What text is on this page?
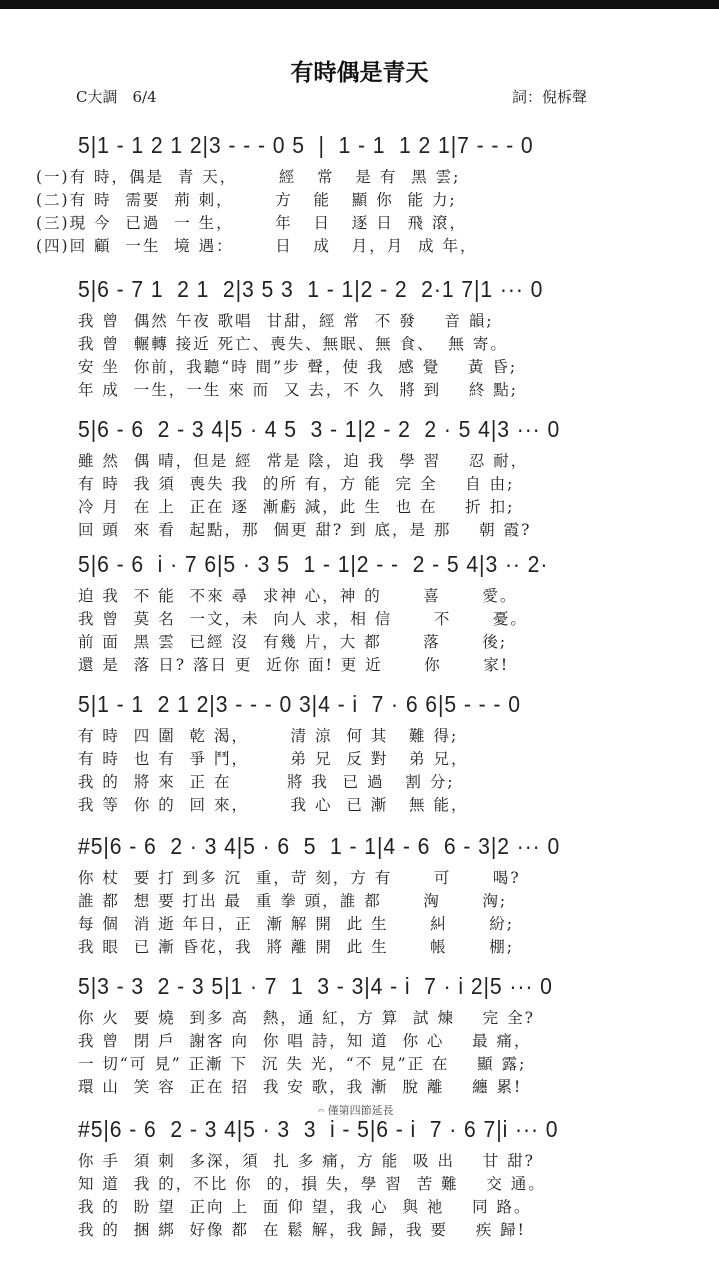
有時偶是青天
C大調　6/4	詞：倪柝聲
5|1 - 1 2 1 2|3 - - - 0 5  |  1 - 1  1 2 1|7 - - - 0
(一)有 時，偶是  青 天，      經   常   是 有  黑 雲;
(二)有 時  需要  荊 刺，      方   能   顯 你  能 力;
(三)現 今  已過  一 生，      年   日   逐 日  飛 滾，
(四)回 顧  一生  境 遇：      日   成   月，月  成 年，
5|6 - 7 1  2 1  2|3 5 3  1 - 1|2 - 2  2·1 7|1 ··· 0
我 曾  偶然 午夜 歌唱  甘甜，經 常  不 發    音 韻;
我 曾  輾轉 接近 死亡、喪失、無眠、無 食、  無 寄。
安 坐  你前，我聽“時 間”步 聲，使 我  感 覺    黃 昏;
年 成  一生，一生 來 而  又 去，不 久  將 到    終 點;
5|6 - 6  2 - 3 4|5 · 4 5  3 - 1|2 - 2  2 · 5 4|3 ··· 0
雖 然  偶 晴，但是 經  常是 陰，迫 我  學 習    忍 耐，
有 時  我 須  喪失 我  的所 有，方 能  完 全    自 由;
冷 月  在 上  正在 逐  漸虧 減，此 生  也 在    折 扣;
回 頭  來 看  起點，那  個更 甜? 到 底，是 那    朝 霞?
5|6 - 6  i · 7 6|5 · 3 5  1 - 1|2 - -  2 - 5 4|3 ·· 2·
迫 我  不 能  不來 尋  求神 心，神 的      喜      愛。
我 曾  莫 名  一文，未  向人 求，相 信      不      憂。
前 面  黑 雲  已經 沒  有幾 片，大 都      落      後;
還 是  落 日? 落日 更  近你 面! 更 近      你      家!
5|1 - 1  2 1 2|3 - - - 0 3|4 - i  7 · 6 6|5 - - - 0
有 時  四 圍  乾 渴，      清 涼  何 其   難 得;
有 時  也 有  爭 鬥，      弟 兄  反 對   弟 兄，
我 的  將 來  正 在        將 我  已 過   割 分;
我 等  你 的  回 來，      我 心  已 漸   無 能，
#5|6 - 6  2 · 3 4|5 · 6  5  1 - 1|4 - 6  6 - 3|2 ··· 0
你 杖  要 打 到多 沉  重，苛 刻，方 有      可      喝?
誰 都  想 要 打出 最  重 拳 頭，誰 都      洶      洶;
每 個  消 逝 年日，正  漸 解 開  此 生      糾      紛;
我 眼  已 漸 昏花，我  將 離 開  此 生      帳      棚;
5|3 - 3  2 - 3 5|1 · 7  1  3 - 3|4 - i  7 · i 2|5 ··· 0
你 火  要 燒  到多 高  熱，通 紅，方 算  試 煉    完 全?
我 曾  閉 戶  謝客 向  你 唱 詩，知 道  你 心    最 痛，
一 切“可 見” 正漸 下  沉 失 光，“不 見”正 在    顯 露;
環 山  笑 容  正在 招  我 安 歌，我 漸  脫 離    纏 累!
𝄐 僅第四節延長
#5|6 - 6  2 - 3 4|5 · 3  3  i - 5|6 - i  7 · 6 7|i ··· 0
你 手  須 刺  多深，須  扎 多 痛，方 能  吸 出    甘 甜?
知 道  我 的，不比 你  的，損 失，學 習  苦 難    交 通。
我 的  盼 望  正向 上  面 仰 望，我 心  與 祂    同 路。
我 的  捆 綁  好像 都  在 鬆 解，我 歸，我 要    疾 歸!
